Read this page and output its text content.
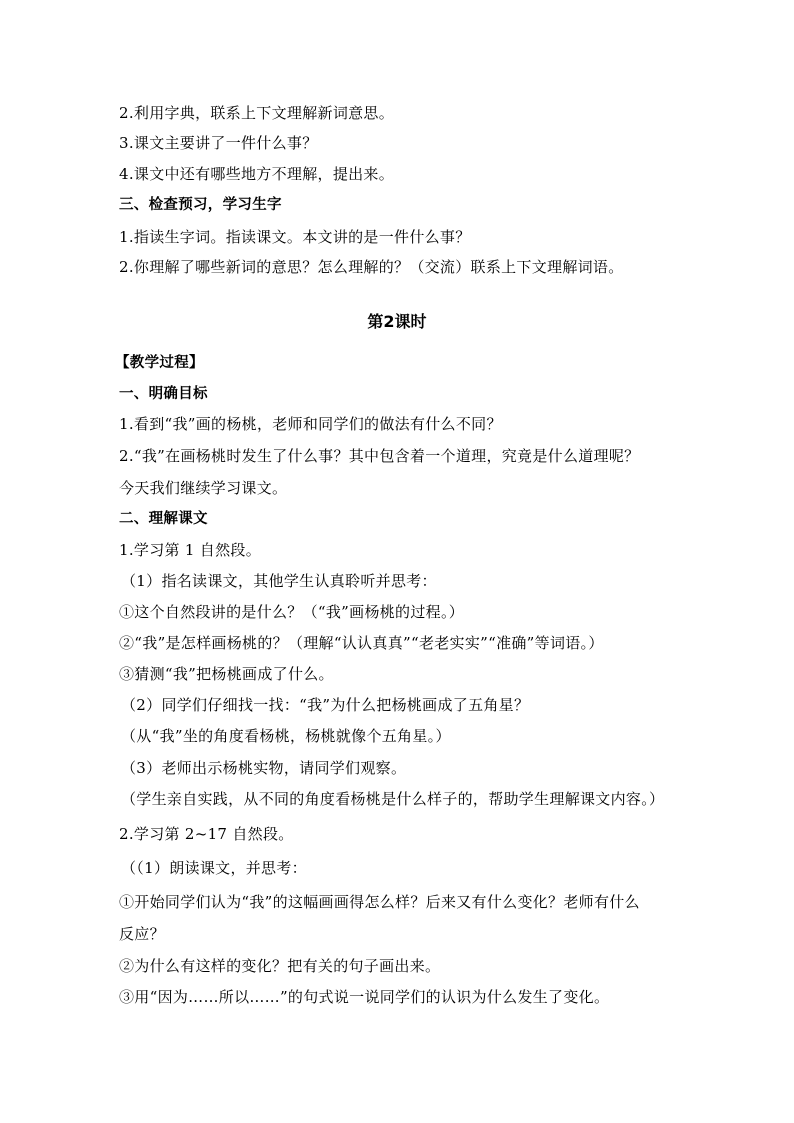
2.利用字典，联系上下文理解新词意思。
3.课文主要讲了一件什么事？
4.课文中还有哪些地方不理解，提出来。
三、检查预习，学习生字
1.指读生字词。指读课文。本文讲的是一件什么事？
2.你理解了哪些新词的意思？怎么理解的？（交流）联系上下文理解词语。
第2课时
【教学过程】
一、明确目标
1.看到“我”画的杨桃，老师和同学们的做法有什么不同？
2.“我”在画杨桃时发生了什么事？其中包含着一个道理，究竟是什么道理呢？
今天我们继续学习课文。
二、理解课文
1.学习第 1 自然段。
（1）指名读课文，其他学生认真聆听并思考：
①这个自然段讲的是什么？（“我”画杨桃的过程。）
②“我”是怎样画杨桃的？（理解“认认真真”“老老实实”“准确”等词语。）
③猜测“我”把杨桃画成了什么。
（2）同学们仔细找一找：“我”为什么把杨桃画成了五角星？
（从“我”坐的角度看杨桃，杨桃就像个五角星。）
（3）老师出示杨桃实物，请同学们观察。
（学生亲自实践，从不同的角度看杨桃是什么样子的，帮助学生理解课文内容。）
2.学习第 2~17 自然段。
（（1）朗读课文，并思考：
①开始同学们认为“我”的这幅画画得怎么样？后来又有什么变化？老师有什么
反应？
②为什么有这样的变化？把有关的句子画出来。
③用“因为……所以……”的句式说一说同学们的认识为什么发生了变化。
